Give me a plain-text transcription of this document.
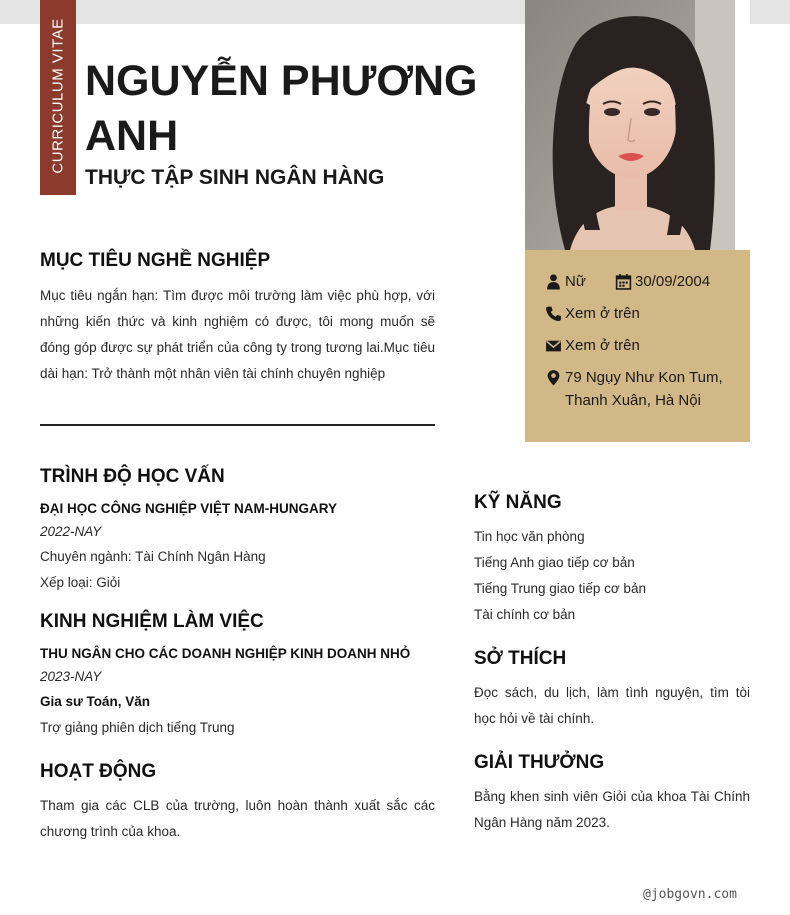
CURRICULUM VITAE NGUYỄN PHƯƠNG ANH
THỰC TẬP SINH NGÂN HÀNG
Nữ	30/09/2004
Xem ở trên
Xem ở trên
79 Ngụy Như Kon Tum, Thanh Xuân, Hà Nội
MỤC TIÊU NGHỀ NGHIỆP
Mục tiêu ngắn hạn: Tìm được môi trường làm việc phù hợp, với những kiến thức và kinh nghiệm có được, tôi mong muốn sẽ đóng góp được sự phát triển của công ty trong tương lai.Mục tiêu dài hạn: Trở thành một nhân viên tài chính chuyên nghiệp
TRÌNH ĐỘ HỌC VẤN
ĐẠI HỌC CÔNG NGHIỆP VIỆT NAM-HUNGARY
2022-NAY
Chuyên ngành: Tài Chính Ngân Hàng
Xếp loại: Giỏi
KINH NGHIỆM LÀM VIỆC
THU NGÂN CHO CÁC DOANH NGHIỆP KINH DOANH NHỎ
2023-NAY
Gia sư Toán, Văn
Trợ giảng phiên dịch tiếng Trung
HOẠT ĐỘNG
Tham gia các CLB của trường, luôn hoàn thành xuất sắc các chương trình của khoa.
KỸ NĂNG
Tin học văn phòng
Tiếng Anh giao tiếp cơ bản
Tiếng Trung giao tiếp cơ bản
Tài chính cơ bản
SỞ THÍCH
Đọc sách, du lịch, làm tình nguyện, tìm tòi học hỏi về tài chính.
GIẢI THƯỞNG
Bằng khen sinh viên Giỏi của khoa Tài Chính Ngân Hàng năm 2023.
@jobgovn.com
